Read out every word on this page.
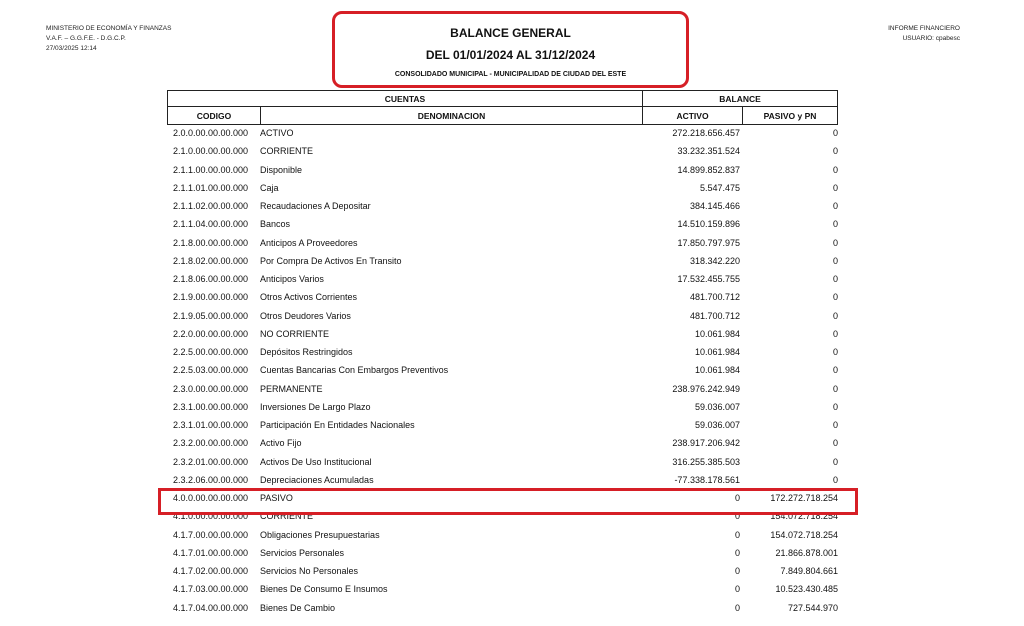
MINISTERIO DE ECONOMÍA Y FINANZAS
V.A.F. – G.G.F.E. - D.G.C.P.
27/03/2025 12:14
INFORME FINANCIERO
USUARIO: cpabesc
BALANCE GENERAL
DEL 01/01/2024 AL 31/12/2024
CONSOLIDADO MUNICIPAL - MUNICIPALIDAD DE CIUDAD DEL ESTE
CUENTAS	BALANCE
CODIGO	DENOMINACION	ACTIVO	PASIVO y PN
2.0.0.00.00.00.000 ACTIVO	272.218.656.457	0
2.1.0.00.00.00.000 CORRIENTE	33.232.351.524	0
2.1.1.00.00.00.000 Disponible	14.899.852.837	0
2.1.1.01.00.00.000 Caja	5.547.475	0
2.1.1.02.00.00.000 Recaudaciones A Depositar	384.145.466	0
2.1.1.04.00.00.000 Bancos	14.510.159.896	0
2.1.8.00.00.00.000 Anticipos A Proveedores	17.850.797.975	0
2.1.8.02.00.00.000 Por Compra De Activos En Transito	318.342.220	0
2.1.8.06.00.00.000 Anticipos Varios	17.532.455.755	0
2.1.9.00.00.00.000 Otros Activos Corrientes	481.700.712	0
2.1.9.05.00.00.000 Otros Deudores Varios	481.700.712	0
2.2.0.00.00.00.000 NO CORRIENTE	10.061.984	0
2.2.5.00.00.00.000 Depósitos Restringidos	10.061.984	0
2.2.5.03.00.00.000 Cuentas Bancarias Con Embargos Preventivos	10.061.984	0
2.3.0.00.00.00.000 PERMANENTE	238.976.242.949	0
2.3.1.00.00.00.000 Inversiones De Largo Plazo	59.036.007	0
2.3.1.01.00.00.000 Participación En Entidades Nacionales	59.036.007	0
2.3.2.00.00.00.000 Activo Fijo	238.917.206.942	0
2.3.2.01.00.00.000 Activos De Uso Institucional	316.255.385.503	0
2.3.2.06.00.00.000 Depreciaciones Acumuladas	-77.338.178.561	0
4.0.0.00.00.00.000 PASIVO	0	172.272.718.254
4.1.0.00.00.00.000 CORRIENTE	0	154.072.718.254
4.1.7.00.00.00.000 Obligaciones Presupuestarias	0	154.072.718.254
4.1.7.01.00.00.000 Servicios Personales	0	21.866.878.001
4.1.7.02.00.00.000 Servicios No Personales	0	7.849.804.661
4.1.7.03.00.00.000 Bienes De Consumo E Insumos	0	10.523.430.485
4.1.7.04.00.00.000 Bienes De Cambio	0	727.544.970
